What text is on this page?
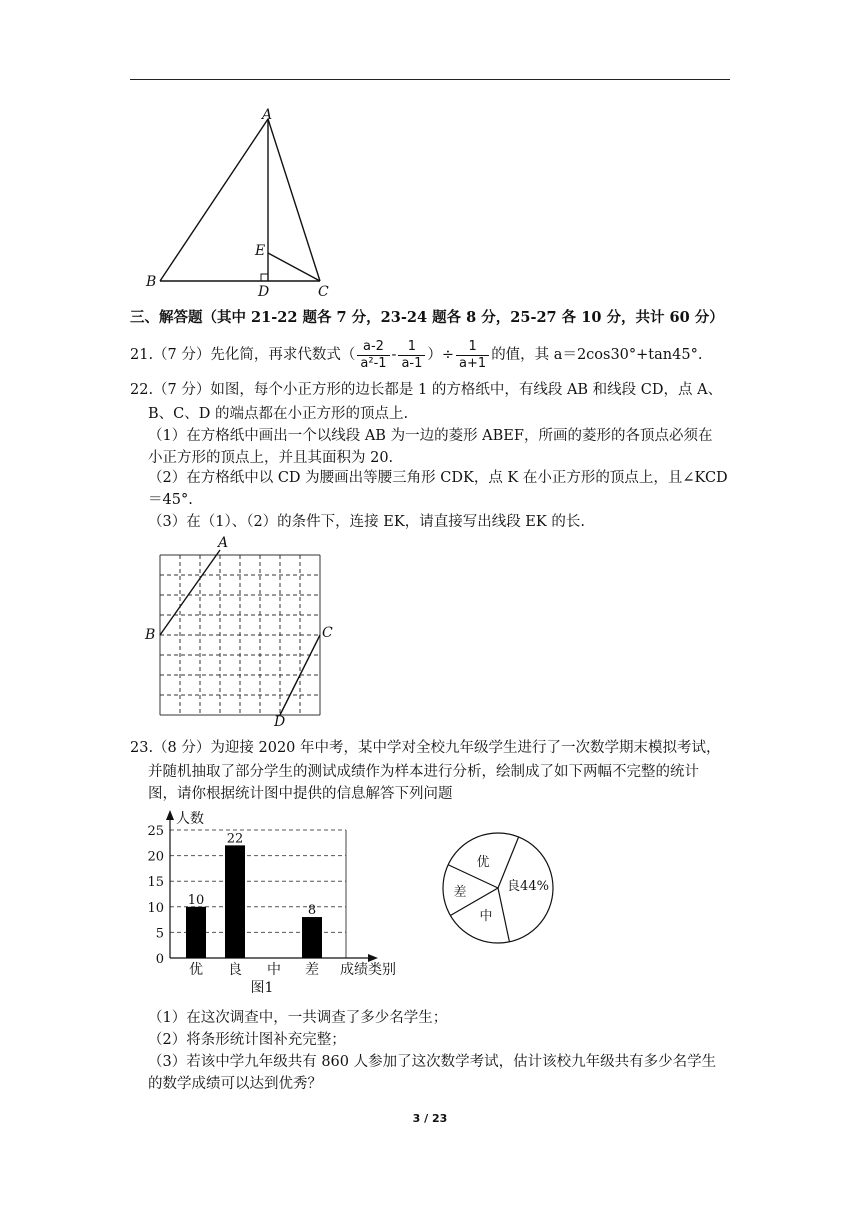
A
B
C
D
E
三、解答题（其中 21-22 题各 7 分，23-24 题各 8 分，25-27 各 10 分，共计 60 分）
21.（7 分）先化简，再求代数式（ $\frac{a-2}{\text{a²-1}} - \frac{1}{a-1}$ ）÷ $\frac{1}{a+1}$ 的值，其 a＝2cos30°+tan45°.
22.（7 分）如图，每个小正方形的边长都是 1 的方格纸中，有线段 AB 和线段 CD，点 A、
B、C、D 的端点都在小正方形的顶点上.
（1）在方格纸中画出一个以线段 AB 为一边的菱形 ABEF，所画的菱形的各顶点必须在
小正方形的顶点上，并且其面积为 20.
（2）在方格纸中以 CD 为腰画出等腰三角形 CDK，点 K 在小正方形的顶点上，且∠KCD
＝45°.
（3）在（1）、（2）的条件下，连接 EK，请直接写出线段 EK 的长.
A
B	C
D
23.（8 分）为迎接 2020 年中考，某中学对全校九年级学生进行了一次数学期末模拟考试，
并随机抽取了部分学生的测试成绩作为样本进行分析，绘制成了如下两幅不完整的统计
图，请你根据统计图中提供的信息解答下列问题
0
5
10
15
20
25
人数
成绩类别
优
10
良
22
中 差
8
图1
优
良44%
中
差
（1）在这次调查中，一共调查了多少名学生；
（2）将条形统计图补充完整；
（3）若该中学九年级共有 860 人参加了这次数学考试，估计该校九年级共有多少名学生
的数学成绩可以达到优秀？
3 / 23
